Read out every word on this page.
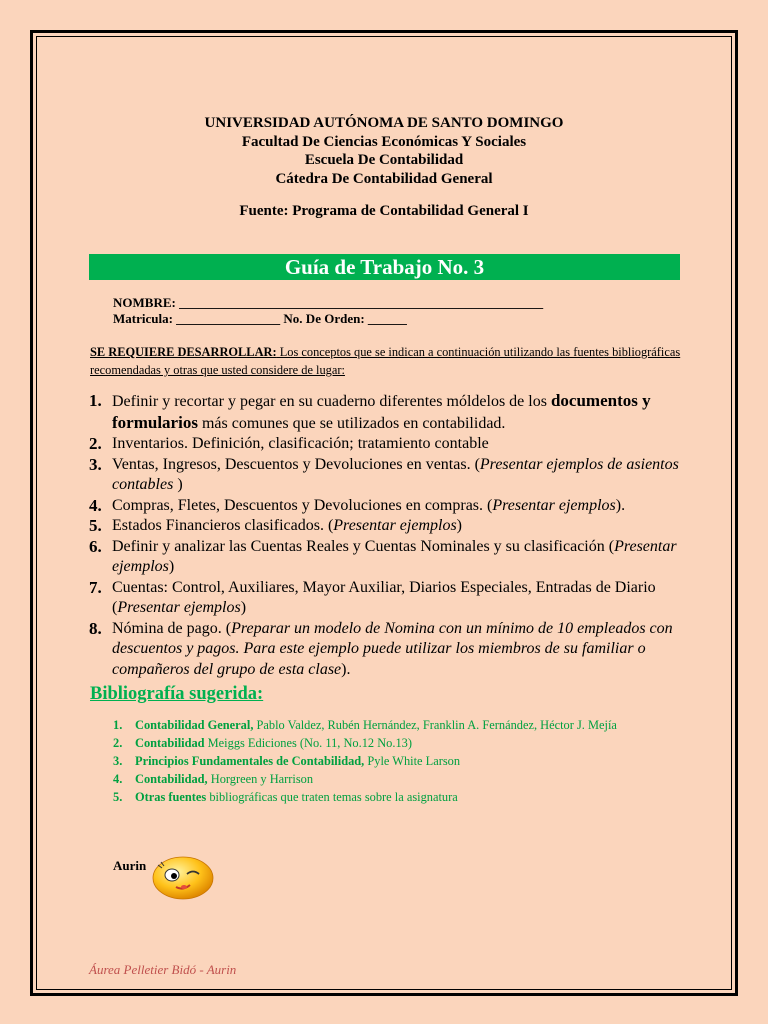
UNIVERSIDAD AUTÓNOMA DE SANTO DOMINGO
Facultad De Ciencias Económicas Y Sociales
Escuela De Contabilidad
Cátedra De Contabilidad General
Fuente: Programa de Contabilidad General I
Guía de Trabajo No. 3
NOMBRE: ________________________________________________________
Matricula: ________________ No. De Orden: ______
SE REQUIERE DESARROLLAR: Los conceptos que se indican a continuación utilizando las fuentes bibliográficas recomendadas y otras que usted considere de lugar:
1. Definir y recortar y pegar en su cuaderno diferentes móldelos de los documentos y formularios más comunes que se utilizados en contabilidad.
2. Inventarios. Definición, clasificación; tratamiento contable
3. Ventas, Ingresos, Descuentos y Devoluciones en ventas. (Presentar ejemplos de asientos contables )
4. Compras, Fletes, Descuentos y Devoluciones en compras. (Presentar ejemplos).
5. Estados Financieros clasificados. (Presentar ejemplos)
6. Definir y analizar las Cuentas Reales y Cuentas Nominales y su clasificación (Presentar ejemplos)
7. Cuentas: Control, Auxiliares, Mayor Auxiliar, Diarios Especiales, Entradas de Diario (Presentar ejemplos)
8. Nómina de pago. (Preparar un modelo de Nomina con un mínimo de 10 empleados con descuentos y pagos. Para este ejemplo puede utilizar los miembros de su familiar o compañeros del grupo de esta clase).
Bibliografía sugerida:
1.	Contabilidad General, Pablo Valdez, Rubén Hernández, Franklin A. Fernández, Héctor J. Mejía
2.	Contabilidad Meiggs Ediciones (No. 11, No.12 No.13)
3.	Principios Fundamentales de Contabilidad, Pyle White Larson
4.	Contabilidad, Horgreen y Harrison
5.	Otras fuentes bibliográficas que traten temas sobre la asignatura
Aurin
Áurea Pelletier Bidó - Aurin
